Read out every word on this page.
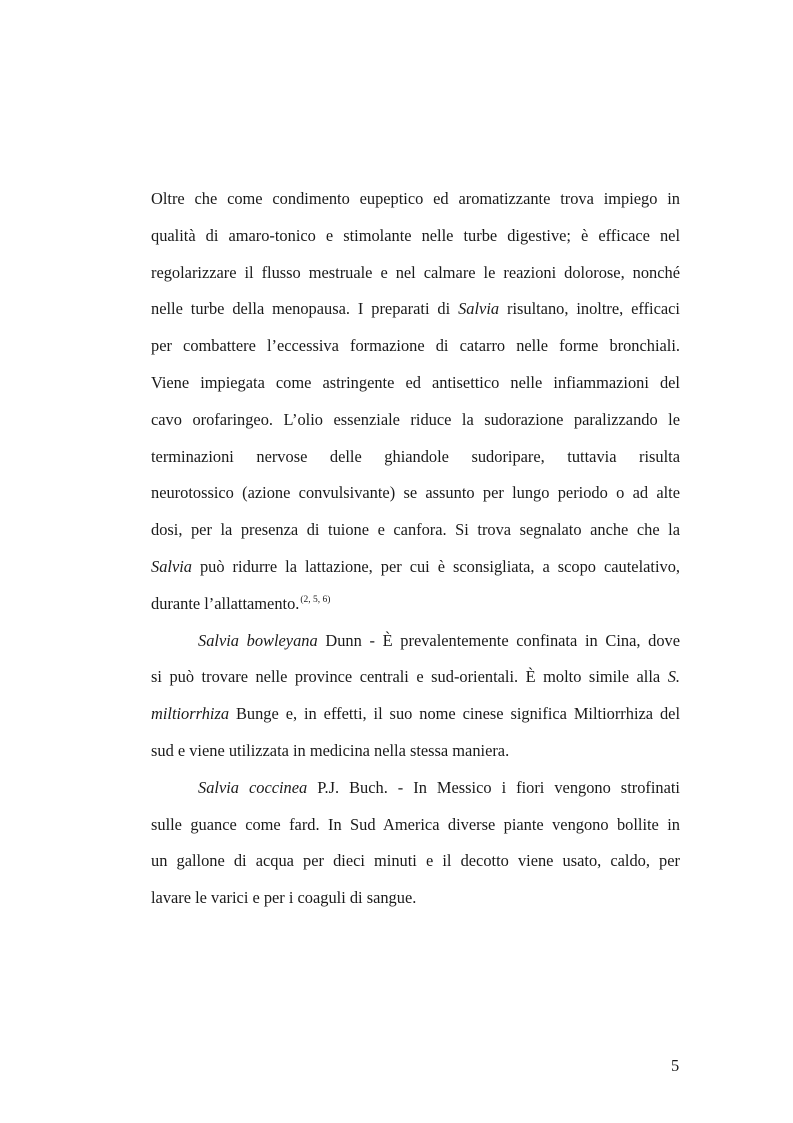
Oltre che come condimento eupeptico ed aromatizzante trova impiego in
qualità di amaro-tonico e stimolante nelle turbe digestive; è efficace nel
regolarizzare il flusso mestruale e nel calmare le reazioni dolorose, nonché
nelle turbe della menopausa. I preparati di Salvia risultano, inoltre, efficaci
per combattere l’eccessiva formazione di catarro nelle forme bronchiali.
Viene impiegata come astringente ed antisettico nelle infiammazioni del
cavo orofaringeo. L’olio essenziale riduce la sudorazione paralizzando le
terminazioni nervose delle ghiandole sudoripare, tuttavia risulta
neurotossico (azione convulsivante) se assunto per lungo periodo o ad alte
dosi, per la presenza di tuione e canfora. Si trova segnalato anche che la
Salvia può ridurre la lattazione, per cui è sconsigliata, a scopo cautelativo,
durante l’allattamento.$^{(2, 5, 6)}$
Salvia bowleyana Dunn - È prevalentemente confinata in Cina, dove
si può trovare nelle province centrali e sud-orientali. È molto simile alla S.
miltiorrhiza Bunge e, in effetti, il suo nome cinese significa Miltiorrhiza del
sud e viene utilizzata in medicina nella stessa maniera.
Salvia coccinea P.J. Buch. - In Messico i fiori vengono strofinati
sulle guance come fard. In Sud America diverse piante vengono bollite in
un gallone di acqua per dieci minuti e il decotto viene usato, caldo, per
lavare le varici e per i coaguli di sangue.
5
